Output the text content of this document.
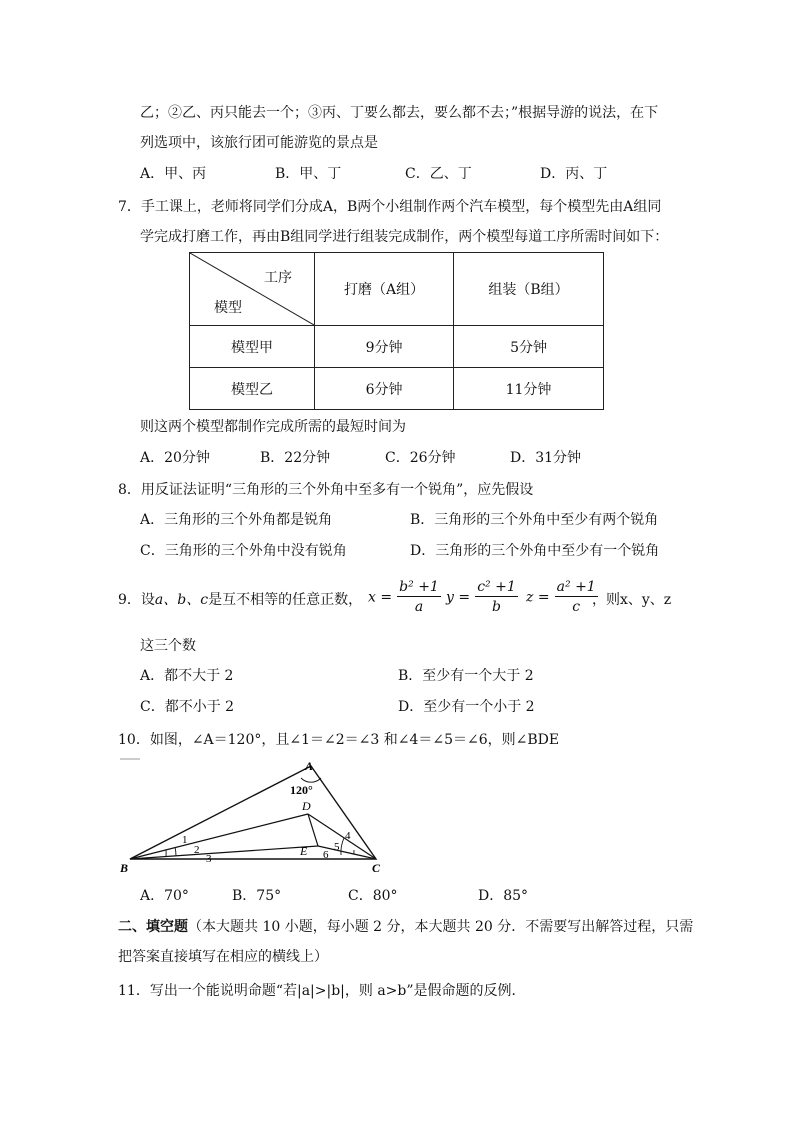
乙；②乙、丙只能去一个；③丙、丁要么都去，要么都不去；”根据导游的说法，在下
列选项中，该旅行团可能游览的景点是
A．甲、丙	B．甲、丁	C．乙、丁	D．丙、丁
7．手工课上，老师将同学们分成A，B两个小组制作两个汽车模型，每个模型先由A组同
学完成打磨工作，再由B组同学进行组装完成制作，两个模型每道工序所需时间如下：
工序
模型	打磨（A组）	组装（B组）
模型甲	9分钟	5分钟
模型乙	6分钟	11分钟
则这两个模型都制作完成所需的最短时间为
A．20分钟	B．22分钟	C．26分钟	D．31分钟
8．用反证法证明“三角形的三个外角中至多有一个锐角”，应先假设
A．三角形的三个外角都是锐角	B．三角形的三个外角中至少有两个锐角
C．三角形的三个外角中没有锐角	D．三角形的三个外角中至少有一个锐角
9．设a、b、c是互不相等的任意正数， $x = \frac{\text{b² +1}}{a}$ $y = \frac{\text{c² +1}}{b}$ $z = \frac{\text{a² +1}}{c}$
，则x、y、z
这三个数
A．都不大于 2	B．至少有一个大于 2
C．都不小于 2	D．至少有一个小于 2
10．如图，∠A＝120°，且∠1＝∠2＝∠3 和∠4＝∠5＝∠6，则∠BDE
A
B	C
D
E
120°
1
2
3
4
5
6
A．70°	B．75°	C．80°	D．85°
二、填空题（本大题共 10 小题，每小题 2 分，本大题共 20 分．不需要写出解答过程，只需
把答案直接填写在相应的横线上）
11．写出一个能说明命题“若|a|>|b|，则 a>b”是假命题的反例．
